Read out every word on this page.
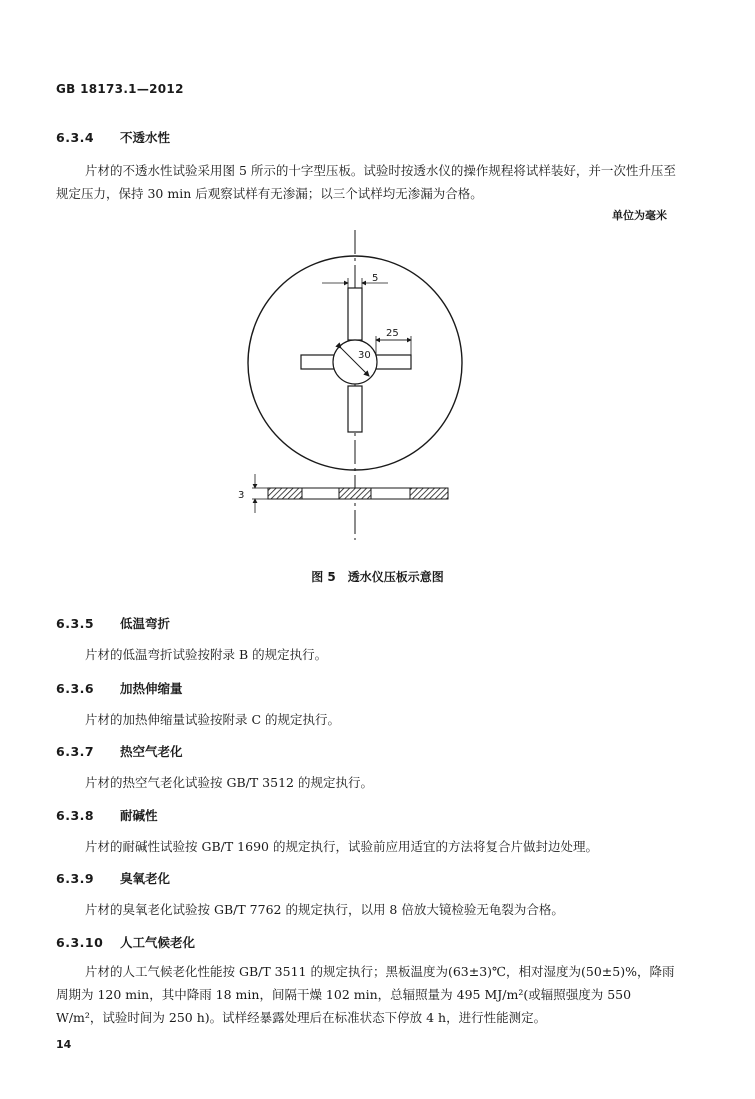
GB 18173.1—2012
6.3.4 不透水性

片材的不透水性试验采用图 5 所示的十字型压板。试验时按透水仪的操作规程将试样装好，并一次性升压至规定压力，保持 30 min 后观察试样有无渗漏；以三个试样均无渗漏为合格。

单位为毫米
30
5
25
3
图 5 透水仪压板示意图
6.3.5 低温弯折
片材的低温弯折试验按附录 B 的规定执行。
6.3.6 加热伸缩量
片材的加热伸缩量试验按附录 C 的规定执行。
6.3.7 热空气老化
片材的热空气老化试验按 GB/T 3512 的规定执行。
6.3.8 耐碱性
片材的耐碱性试验按 GB/T 1690 的规定执行，试验前应用适宜的方法将复合片做封边处理。
6.3.9 臭氧老化
片材的臭氧老化试验按 GB/T 7762 的规定执行，以用 8 倍放大镜检验无龟裂为合格。
6.3.10 人工气候老化

片材的人工气候老化性能按 GB/T 3511 的规定执行；黑板温度为(63±3)℃，相对湿度为(50±5)%，降雨周期为 120 min，其中降雨 18 min，间隔干燥 102 min，总辐照量为 495 MJ/m²(或辐照强度为 550 W/m²，试验时间为 250 h)。试样经暴露处理后在标准状态下停放 4 h，进行性能测定。

14
